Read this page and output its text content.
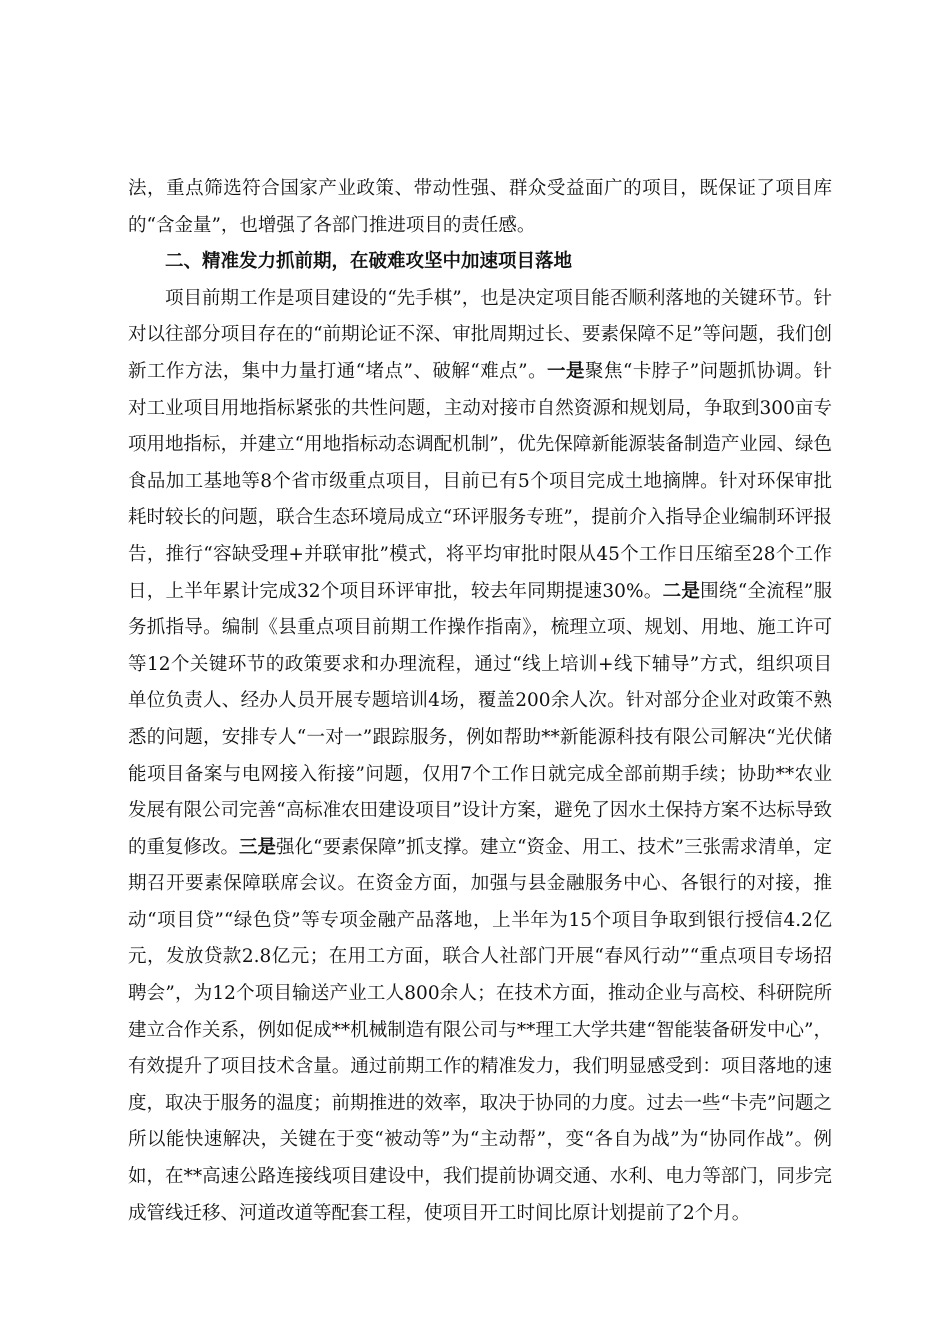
法，重点筛选符合国家产业政策、带动性强、群众受益面广的项目，既保证了项目库的“含金量”，也增强了各部门推进项目的责任感。

二、精准发力抓前期，在破难攻坚中加速项目落地

项目前期工作是项目建设的“先手棋”，也是决定项目能否顺利落地的关键环节。针对以往部分项目存在的“前期论证不深、审批周期过长、要素保障不足”等问题，我们创新工作方法，集中力量打通“堵点”、破解“难点”。一是聚焦“卡脖子”问题抓协调。针对工业项目用地指标紧张的共性问题，主动对接市自然资源和规划局，争取到300亩专项用地指标，并建立“用地指标动态调配机制”，优先保障新能源装备制造产业园、绿色食品加工基地等8个省市级重点项目，目前已有5个项目完成土地摘牌。针对环保审批耗时较长的问题，联合生态环境局成立“环评服务专班”，提前介入指导企业编制环评报告，推行“容缺受理+并联审批”模式，将平均审批时限从45个工作日压缩至28个工作日，上半年累计完成32个项目环评审批，较去年同期提速30%。二是围绕“全流程”服务抓指导。编制《县重点项目前期工作操作指南》，梳理立项、规划、用地、施工许可等12个关键环节的政策要求和办理流程，通过“线上培训+线下辅导”方式，组织项目单位负责人、经办人员开展专题培训4场，覆盖200余人次。针对部分企业对政策不熟悉的问题，安排专人“一对一”跟踪服务，例如帮助**新能源科技有限公司解决“光伏储能项目备案与电网接入衔接”问题，仅用7个工作日就完成全部前期手续；协助**农业发展有限公司完善“高标准农田建设项目”设计方案，避免了因水土保持方案不达标导致的重复修改。三是强化“要素保障”抓支撑。建立“资金、用工、技术”三张需求清单，定期召开要素保障联席会议。在资金方面，加强与县金融服务中心、各银行的对接，推动“项目贷”“绿色贷”等专项金融产品落地，上半年为15个项目争取到银行授信4.2亿元，发放贷款2.8亿元；在用工方面，联合人社部门开展“春风行动”“重点项目专场招聘会”，为12个项目输送产业工人800余人；在技术方面，推动企业与高校、科研院所建立合作关系，例如促成**机械制造有限公司与**理工大学共建“智能装备研发中心”，有效提升了项目技术含量。通过前期工作的精准发力，我们明显感受到：项目落地的速度，取决于服务的温度；前期推进的效率，取决于协同的力度。过去一些“卡壳”问题之所以能快速解决，关键在于变“被动等”为“主动帮”，变“各自为战”为“协同作战”。例如，在**高速公路连接线项目建设中，我们提前协调交通、水利、电力等部门，同步完成管线迁移、河道改道等配套工程，使项目开工时间比原计划提前了2个月。
